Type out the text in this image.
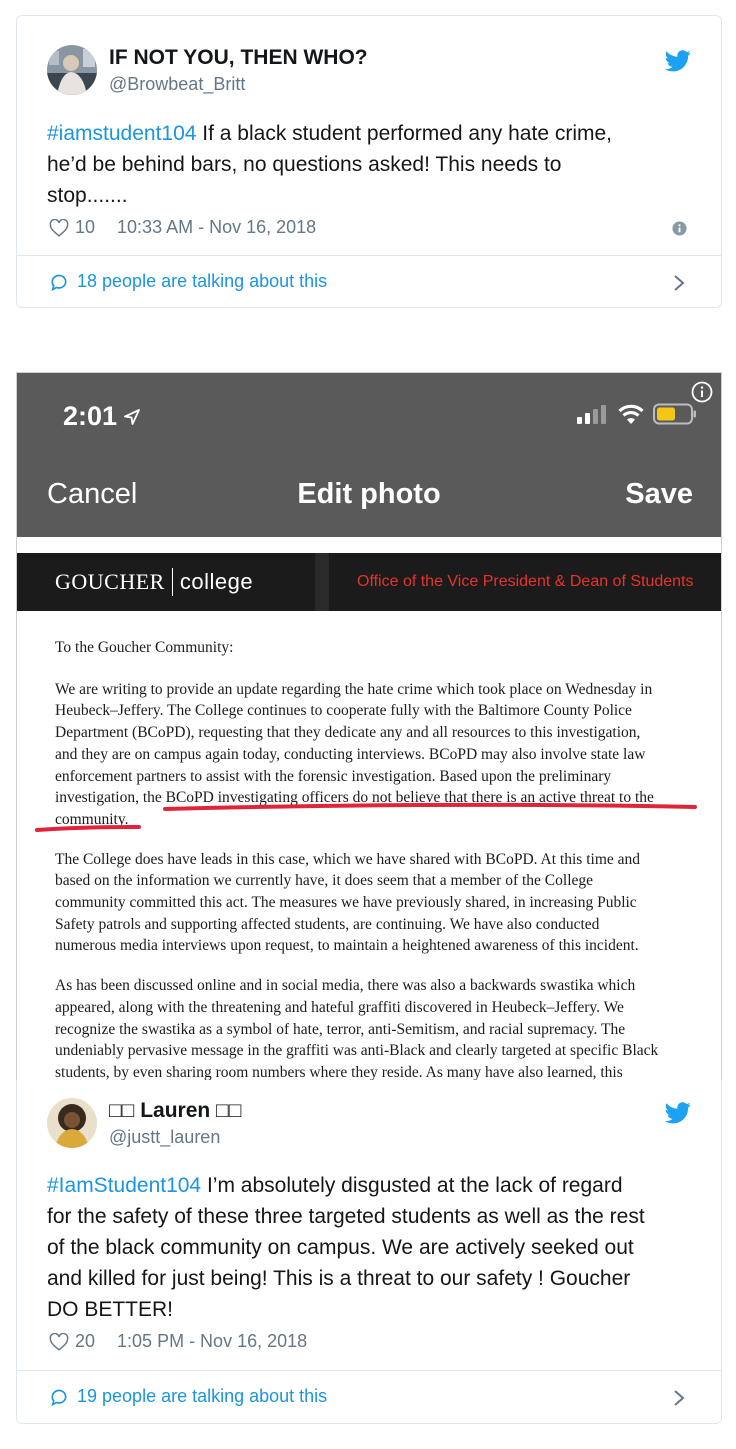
IF NOT YOU, THEN WHO?
@Browbeat_Britt
#iamstudent104 If a black student performed any hate crime,
he’d be behind bars, no questions asked! This needs to
stop.......
10 10:33 AM - Nov 16, 2018
18 people are talking about this
2:01
Cancel	Edit photo	Save
GOUCHER college	Office of the Vice President & Dean of Students

To the Goucher Community:

We are writing to provide an update regarding the hate crime which took place on Wednesday in
Heubeck–Jeffery. The College continues to cooperate fully with the Baltimore County Police
Department (BCoPD), requesting that they dedicate any and all resources to this investigation,
and they are on campus again today, conducting interviews. BCoPD may also involve state law
enforcement partners to assist with the forensic investigation. Based upon the preliminary
investigation, the BCoPD investigating officers do not believe that there is an active threat to the
community.

The College does have leads in this case, which we have shared with BCoPD. At this time and
based on the information we currently have, it does seem that a member of the College
community committed this act. The measures we have previously shared, in increasing Public
Safety patrols and supporting affected students, are continuing. We have also conducted
numerous media interviews upon request, to maintain a heightened awareness of this incident.

As has been discussed online and in social media, there was also a backwards swastika which
appeared, along with the threatening and hateful graffiti discovered in Heubeck–Jeffery. We
recognize the swastika as a symbol of hate, terror, anti-Semitism, and racial supremacy. The
undeniably pervasive message in the graffiti was anti-Black and clearly targeted at specific Black
students, by even sharing room numbers where they reside. As many have also learned, this

□□ Lauren □□
@justt_lauren
#IamStudent104 I’m absolutely disgusted at the lack of regard
for the safety of these three targeted students as well as the rest
of the black community on campus. We are actively seeked out
and killed for just being! This is a threat to our safety ! Goucher
DO BETTER!
20 1:05 PM - Nov 16, 2018
19 people are talking about this
